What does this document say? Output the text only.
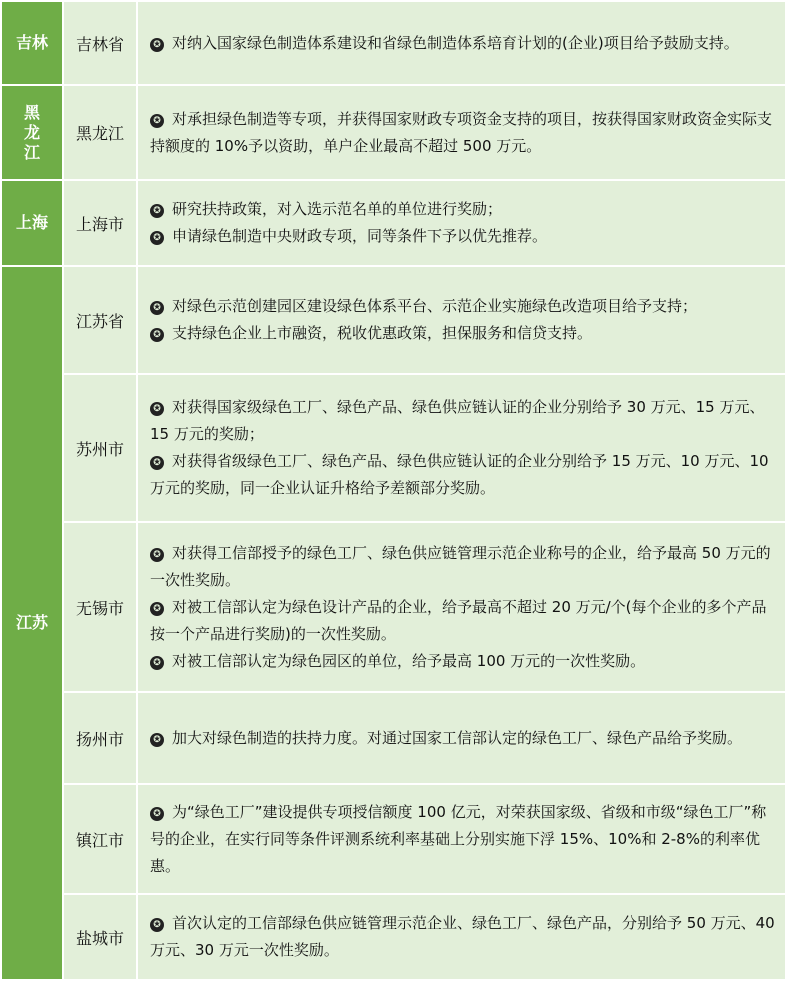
吉林	吉林省	✪ 对纳入国家绿色制造体系建设和省绿色制造体系培育计划的(企业)项目给予鼓励支持。

黑
龙
江	黑龙江	✪ 对承担绿色制造等专项，并获得国家财政专项资金支持的项目，按获得国家财政资金实际支持额度的 10%予以资助，单户企业最高不超过 500 万元。

上海	上海市	✪ 研究扶持政策，对入选示范名单的单位进行奖励；

✪ 申请绿色制造中央财政专项，同等条件下予以优先推荐。

江苏	江苏省	✪ 对绿色示范创建园区建设绿色体系平台、示范企业实施绿色改造项目给予支持；

✪ 支持绿色企业上市融资，税收优惠政策，担保服务和信贷支持。

	苏州市	✪ 对获得国家级绿色工厂、绿色产品、绿色供应链认证的企业分别给予 30 万元、15 万元、15 万元的奖励；

✪ 对获得省级绿色工厂、绿色产品、绿色供应链认证的企业分别给予 15 万元、10 万元、10 万元的奖励，同一企业认证升格给予差额部分奖励。

	无锡市	✪ 对获得工信部授予的绿色工厂、绿色供应链管理示范企业称号的企业，给予最高 50 万元的一次性奖励。

✪ 对被工信部认定为绿色设计产品的企业，给予最高不超过 20 万元/个(每个企业的多个产品按一个产品进行奖励)的一次性奖励。

✪ 对被工信部认定为绿色园区的单位，给予最高 100 万元的一次性奖励。

	扬州市	✪ 加大对绿色制造的扶持力度。对通过国家工信部认定的绿色工厂、绿色产品给予奖励。

	镇江市	✪ 为“绿色工厂”建设提供专项授信额度 100 亿元，对荣获国家级、省级和市级“绿色工厂”称号的企业，在实行同等条件评测系统利率基础上分别实施下浮 15%、10%和 2-8%的利率优惠。

	盐城市	✪ 首次认定的工信部绿色供应链管理示范企业、绿色工厂、绿色产品，分别给予 50 万元、40 万元、30 万元一次性奖励。
